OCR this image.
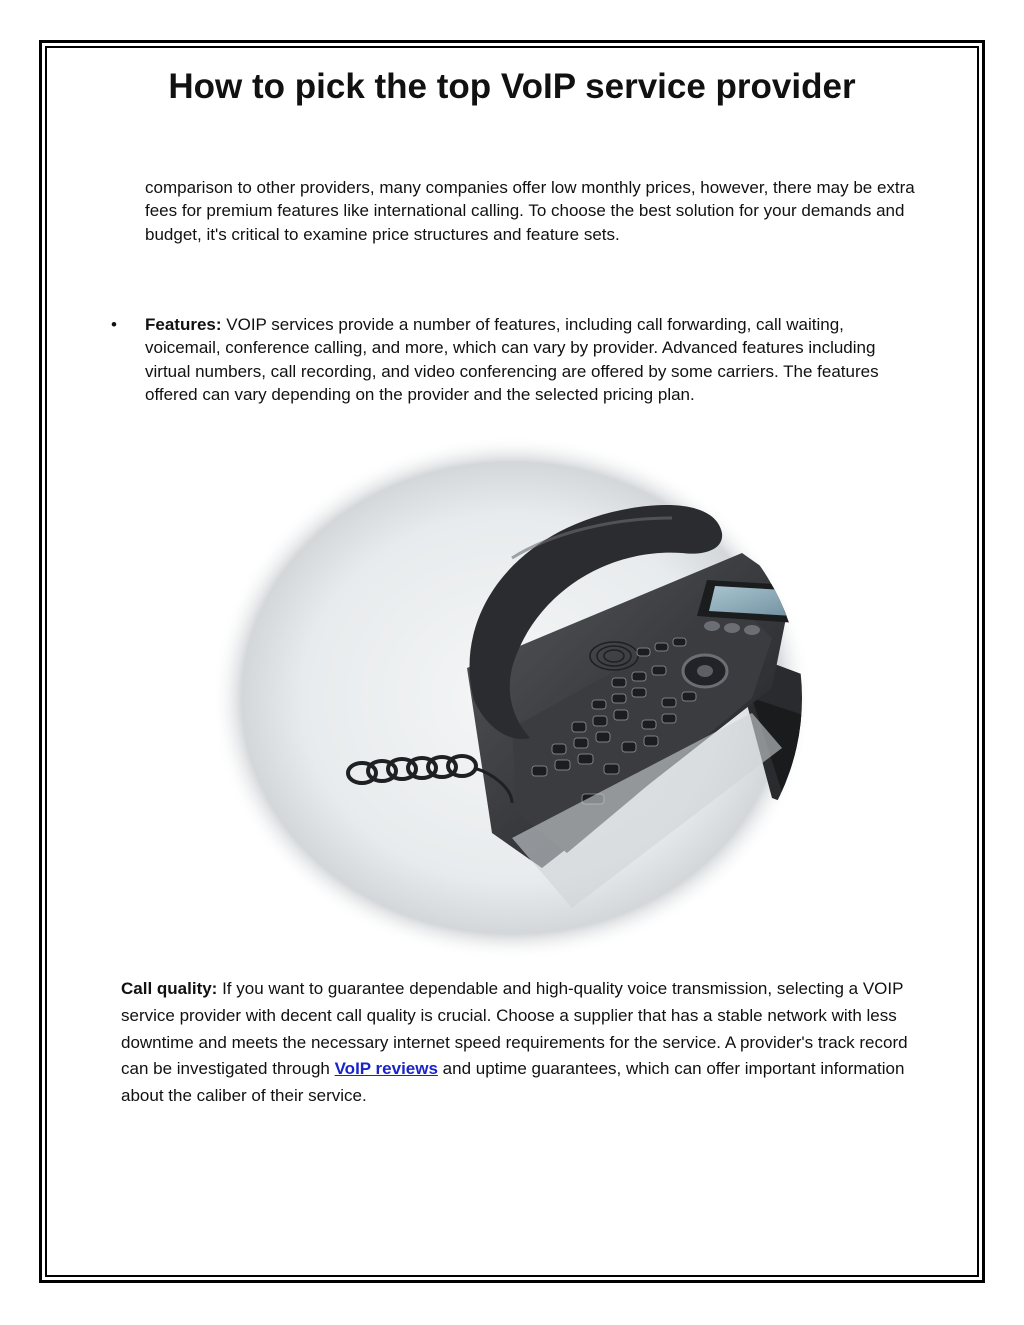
How to pick the top VoIP service provider

comparison to other providers, many companies offer low monthly prices, however, there may be extra fees for premium features like international calling. To choose the best solution for your demands and budget, it's critical to examine price structures and feature sets.

• Features: VOIP services provide a number of features, including call forwarding, call waiting, voicemail, conference calling, and more, which can vary by provider. Advanced features including virtual numbers, call recording, and video conferencing are offered by some carriers. The features offered can vary depending on the provider and the selected pricing plan.

Call quality: If you want to guarantee dependable and high-quality voice transmission, selecting a VOIP service provider with decent call quality is crucial. Choose a supplier that has a stable network with less downtime and meets the necessary internet speed requirements for the service. A provider's track record can be investigated through VoIP reviews and uptime guarantees, which can offer important information about the caliber of their service.
